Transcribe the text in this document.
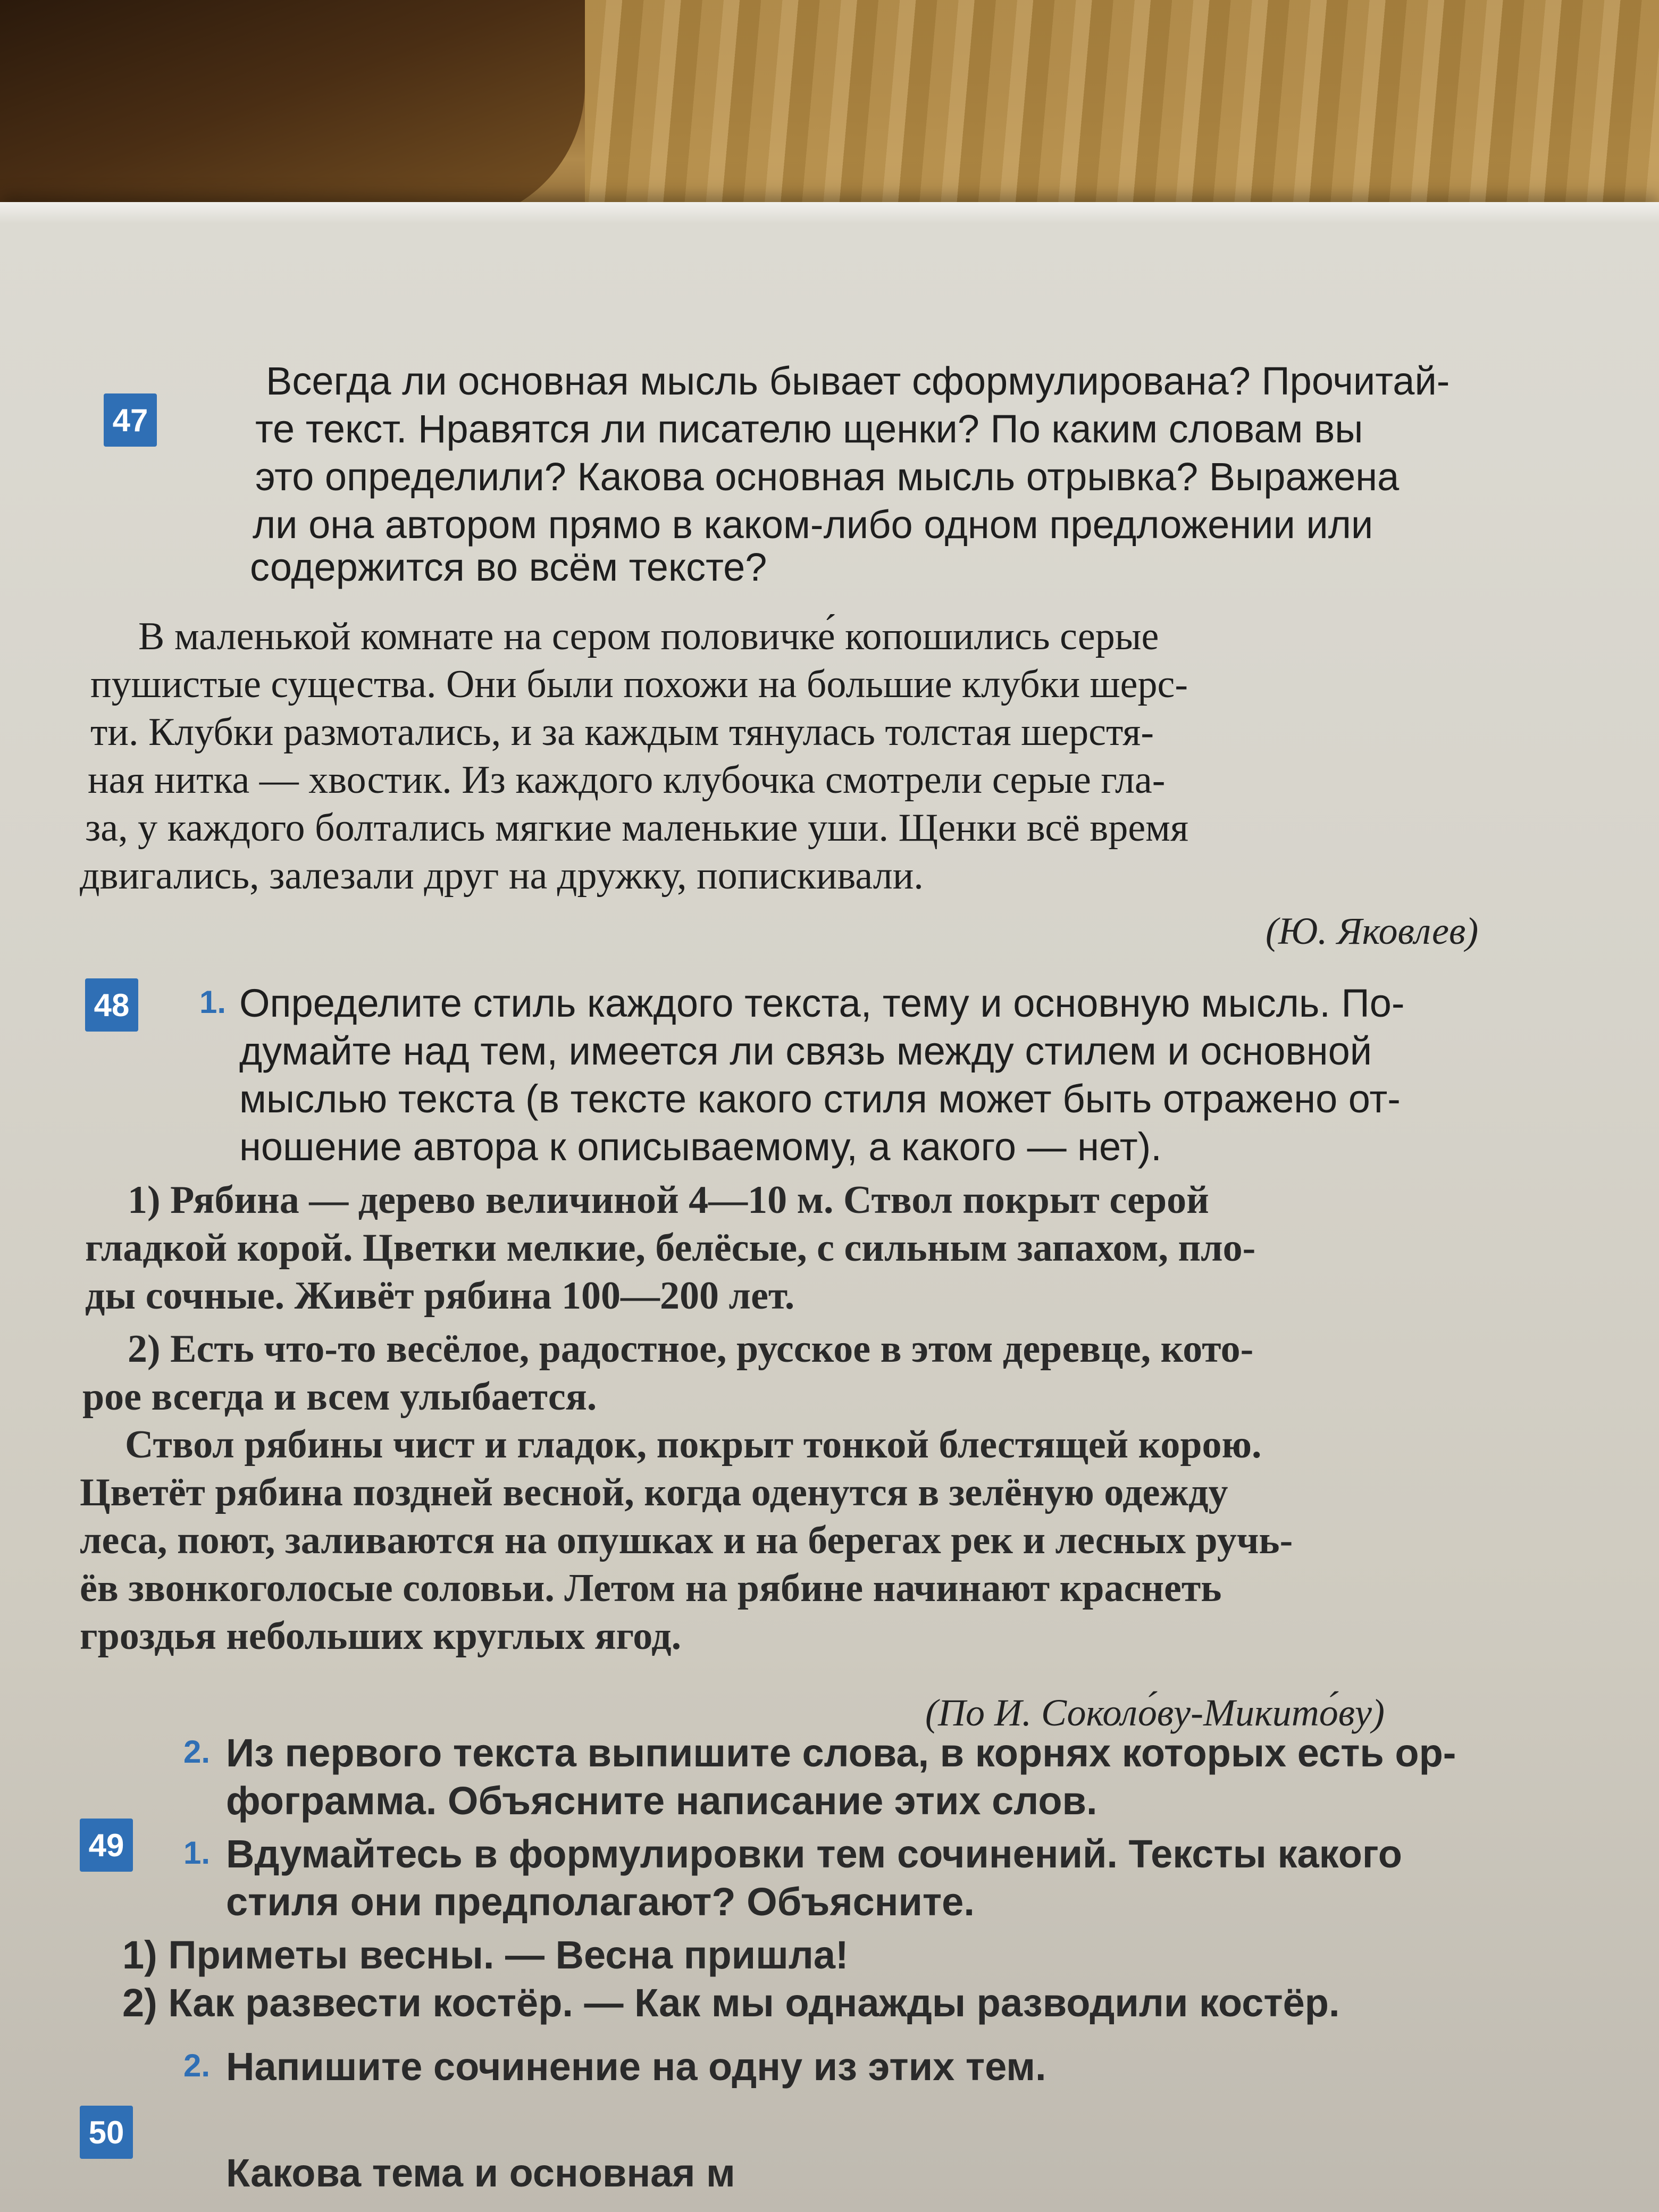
47
Всегда ли основная мысль бывает сформулирована? Прочитай-
те текст. Нравятся ли писателю щенки? По каким словам вы
это определили? Какова основная мысль отрывка? Выражена
ли она автором прямо в каком-либо одном предложении или
содержится во всём тексте?
В маленькой комнате на сером половичке́ копошились серые
пушистые существа. Они были похожи на большие клубки шерс-
ти. Клубки размотались, и за каждым тянулась толстая шерстя-
ная нитка — хвостик. Из каждого клубочка смотрели серые гла-
за, у каждого болтались мягкие маленькие уши. Щенки всё время
двигались, залезали друг на дружку, попискивали.
(Ю. Яковлев)
48 1. Определите стиль каждого текста, тему и основную мысль. По-
думайте над тем, имеется ли связь между стилем и основной
мыслью текста (в тексте какого стиля может быть отражено от-
ношение автора к описываемому, а какого — нет).
1) Рябина — дерево величиной 4—10 м. Ствол покрыт серой
гладкой корой. Цветки мелкие, белёсые, с сильным запахом, пло-
ды сочные. Живёт рябина 100—200 лет.
2) Есть что-то весёлое, радостное, русское в этом деревце, кото-
рое всегда и всем улыбается.
Ствол рябины чист и гладок, покрыт тонкой блестящей корою.
Цветёт рябина поздней весной, когда оденутся в зелёную одежду
леса, поют, заливаются на опушках и на берегах рек и лесных ручь-
ёв звонкоголосые соловьи. Летом на рябине начинают краснеть
гроздья небольших круглых ягод.
(По И. Соколо́ву-Микито́ву)
2. Из первого текста выпишите слова, в корнях которых есть ор-
фограмма. Объясните написание этих слов.
49 1. Вдумайтесь в формулировки тем сочинений. Тексты какого
стиля они предполагают? Объясните.
1) Приметы весны. — Весна пришла!
2) Как развести костёр. — Как мы однажды разводили костёр.
2. Напишите сочинение на одну из этих тем.
50
Какова тема и основная м
